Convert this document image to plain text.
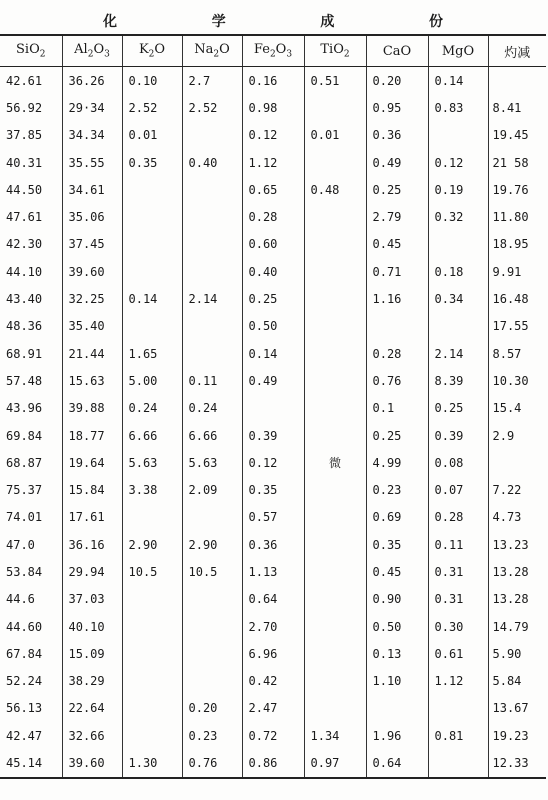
化 学 成 份								
SiO$_2$	$Al_2O_3$	$K_2O$	$Na_2O$	$Fe_2O_3$	TiO$_2$	CaO	MgO	灼减
42.61	36.26	0.10	2.7	0.16	0.51	0.20	0.14	
56.92	29·34	2.52	2.52	0.98		0.95	0.83	8.41
37.85	34.34	0.01		0.12	0.01	0.36		19.45
40.31	35.55	0.35	0.40	1.12		0.49	0.12	21 58
44.50	34.61			0.65	0.48	0.25	0.19	19.76
47.61	35.06			0.28		2.79	0.32	11.80
42.30	37.45			0.60		0.45		18.95
44.10	39.60			0.40		0.71	0.18	9.91
43.40	32.25	0.14	2.14	0.25		1.16	0.34	16.48
48.36	35.40			0.50				17.55
68.91	21.44	1.65		0.14		0.28	2.14	8.57
57.48	15.63	5.00	0.11	0.49		0.76	8.39	10.30
43.96	39.88	0.24	0.24			0.1	0.25	15.4
69.84	18.77	6.66	6.66	0.39		0.25	0.39	2.9
68.87	19.64	5.63	5.63	0.12	微	4.99	0.08	
75.37	15.84	3.38	2.09	0.35		0.23	0.07	7.22
74.01	17.61			0.57		0.69	0.28	4.73
47.0	36.16	2.90	2.90	0.36		0.35	0.11	13.23
53.84	29.94	10.5	10.5	1.13		0.45	0.31	13.28
44.6	37.03			0.64		0.90	0.31	13.28
44.60	40.10			2.70		0.50	0.30	14.79
67.84	15.09			6.96		0.13	0.61	5.90
52.24	38.29			0.42		1.10	1.12	5.84
56.13	22.64		0.20	2.47				13.67
42.47	32.66		0.23	0.72	1.34	1.96	0.81	19.23
45.14	39.60	1.30	0.76	0.86	0.97	0.64		12.33
